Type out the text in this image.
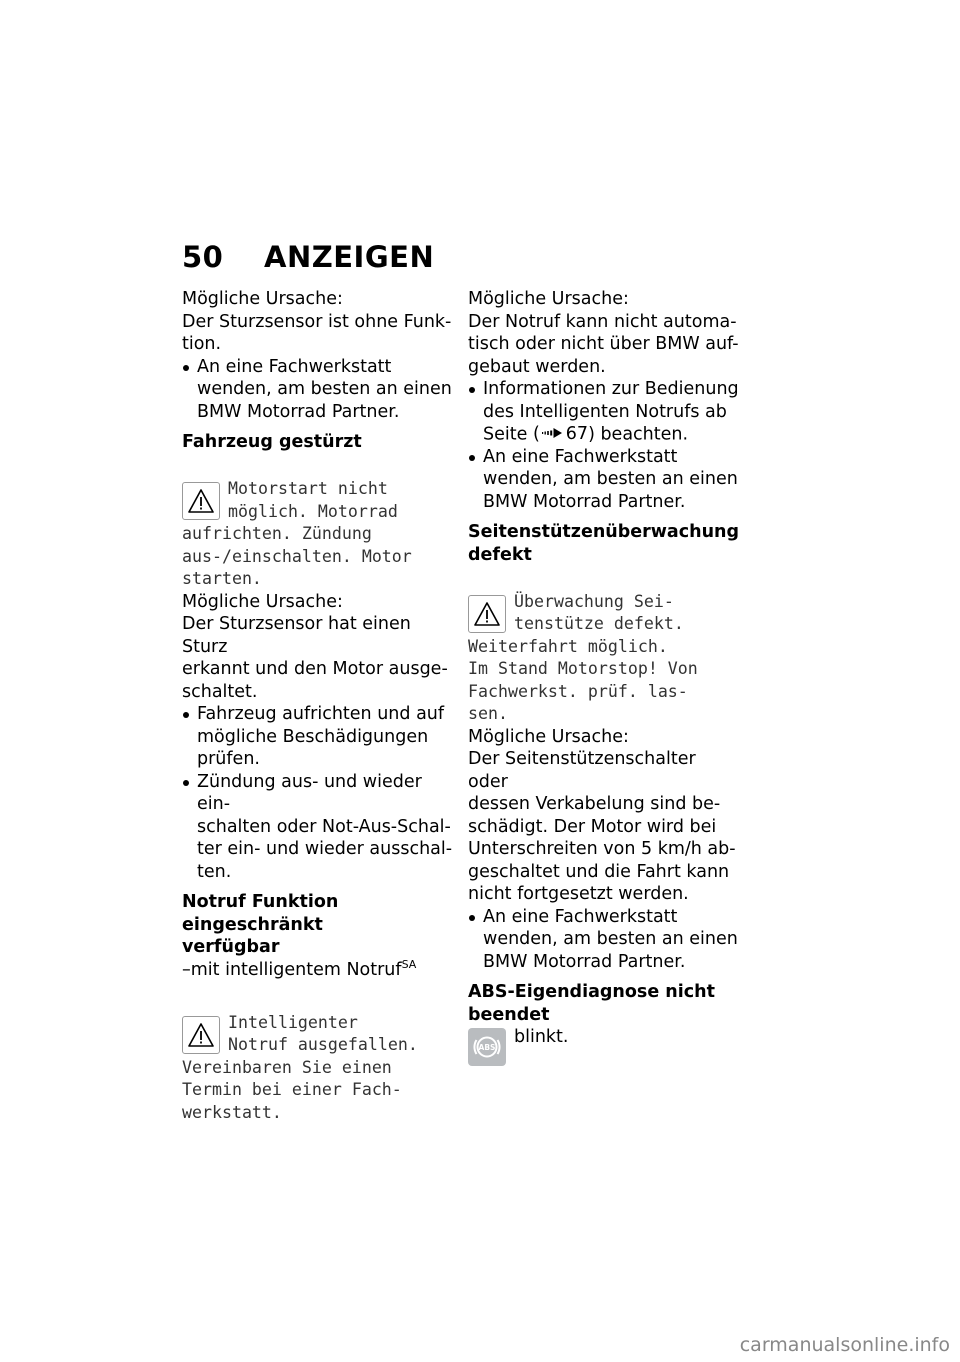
50 ANZEIGEN

Mögliche Ursache:

Der Sturzsensor ist ohne Funk-
tion.

An eine Fachwerkstatt
wenden, am besten an einen
BMW Motorrad Partner.
Fahrzeug gestürzt

Motorstart nicht
möglich. Motorrad
aufrichten. Zündung
aus-/einschalten. Motor
starten.

Mögliche Ursache:

Der Sturzsensor hat einen Sturz
erkannt und den Motor ausge-
schaltet.

Fahrzeug aufrichten und auf
mögliche Beschädigungen
prüfen.
Zündung aus- und wieder ein-
schalten oder Not-Aus-Schal-
ter ein- und wieder ausschal-
ten.
Notruf Funktion eingeschränkt
verfügbar

–mit intelligentem Notruf$^{SA}$

Intelligenter
Notruf ausgefallen.
Vereinbaren Sie einen
Termin bei einer Fach-
werkstatt.

Mögliche Ursache:

Der Notruf kann nicht automa-
tisch oder nicht über BMW auf-
gebaut werden.

Informationen zur Bedienung
des Intelligenten Notrufs ab
Seite ( 67) beachten.
An eine Fachwerkstatt
wenden, am besten an einen
BMW Motorrad Partner.
Seitenstützenüberwachung
defekt

Überwachung Sei-
tenstütze defekt.
Weiterfahrt möglich.
Im Stand Motorstop! Von
Fachwerkst. prüf. las-
sen.

Mögliche Ursache:

Der Seitenstützenschalter oder
dessen Verkabelung sind be-
schädigt. Der Motor wird bei
Unterschreiten von 5 km/h ab-
geschaltet und die Fahrt kann
nicht fortgesetzt werden.

An eine Fachwerkstatt
wenden, am besten an einen
BMW Motorrad Partner.
ABS-Eigendiagnose nicht
beendet

ABS
blinkt.

carmanualsonline.info
